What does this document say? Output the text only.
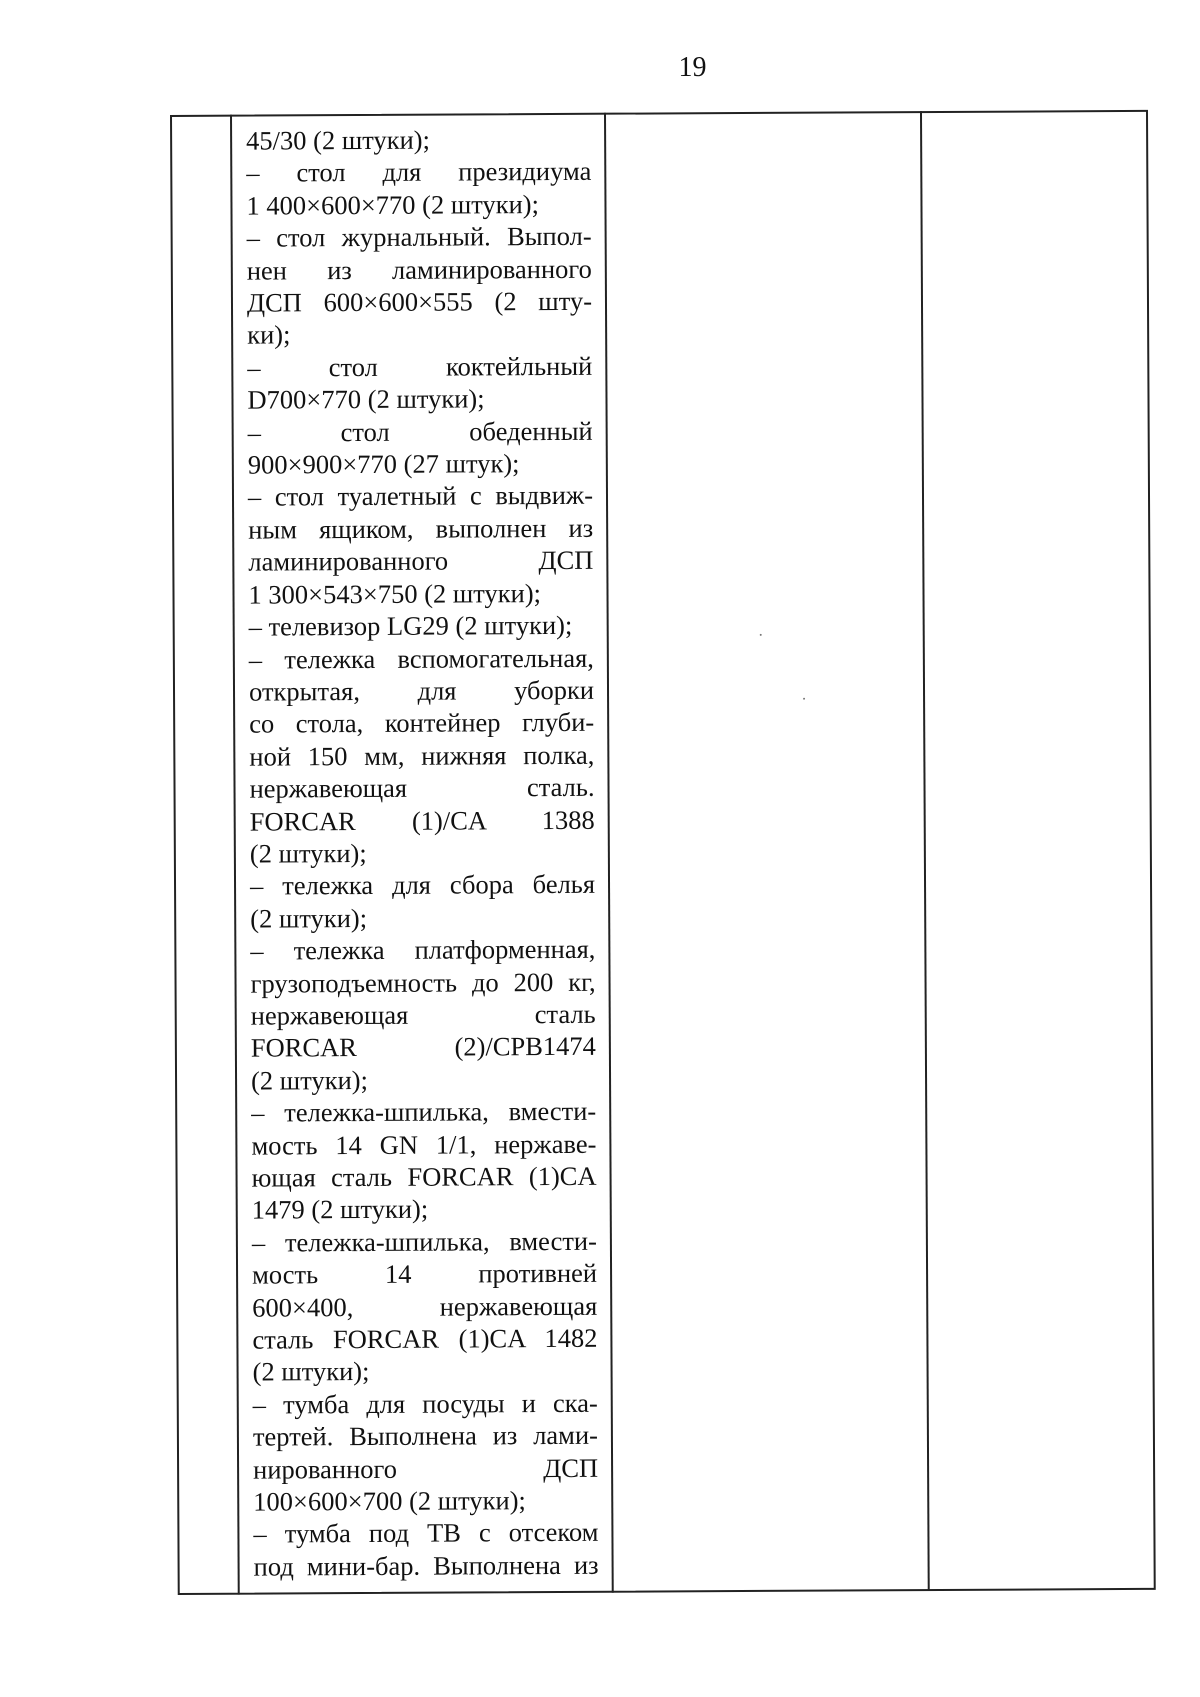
19
45/30 (2 штуки);
– стол для президиума
1 400×600×770 (2 штуки);
– стол журнальный. Выпол-
нен из ламинированного
ДСП 600×600×555 (2 шту-
ки);
– стол коктейльный
D700×770 (2 штуки);
– стол обеденный
900×900×770 (27 штук);
– стол туалетный с выдвиж-
ным ящиком, выполнен из
ламинированного ДСП
1 300×543×750 (2 штуки);
– телевизор LG29 (2 штуки);
– тележка вспомогательная,
открытая, для уборки
со стола, контейнер глуби-
ной 150 мм, нижняя полка,
нержавеющая сталь.
FORCAR (1)/CA 1388
(2 штуки);
– тележка для сбора белья
(2 штуки);
– тележка платформенная,
грузоподъемность до 200 кг,
нержавеющая сталь
FORCAR (2)/CPB1474
(2 штуки);
– тележка-шпилька, вмести-
мость 14 GN 1/1, нержаве-
ющая сталь FORCAR (1)CA
1479 (2 штуки);
– тележка-шпилька, вмести-
мость 14 противней
600×400, нержавеющая
сталь FORCAR (1)CA 1482
(2 штуки);
– тумба для посуды и ска-
тертей. Выполнена из лами-
нированного ДСП
100×600×700 (2 штуки);
– тумба под ТВ с отсеком
под мини-бар. Выполнена из
